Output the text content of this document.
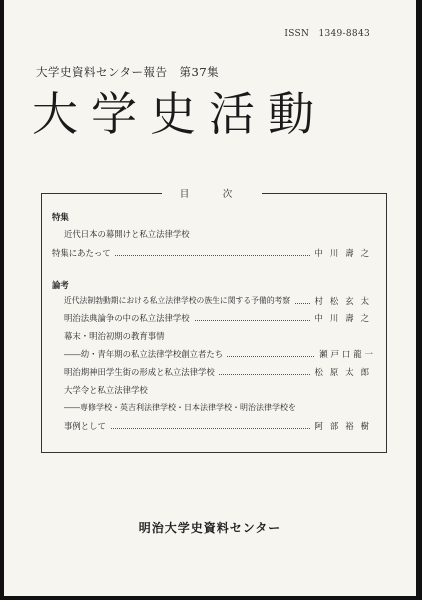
ISSN　1349-8843
大学史資料センター報告　第37集
大学史活動
目　次
特集
近代日本の幕開けと私立法律学校
特集にあたって	中川壽之
論考
近代法制勃動期における私立法律学校の族生に関する予備的考察	村松玄太
明治法典論争の中の私立法律学校	中川壽之
幕末・明治初期の教育事情
――幼・青年期の私立法律学校創立者たち	瀬戸口龍一
明治期神田学生街の形成と私立法律学校	松原太郎
大学令と私立法律学校
――専修学校・英吉利法律学校・日本法律学校・明治法律学校を
事例として	阿部裕樹
明治大学史資料センター
